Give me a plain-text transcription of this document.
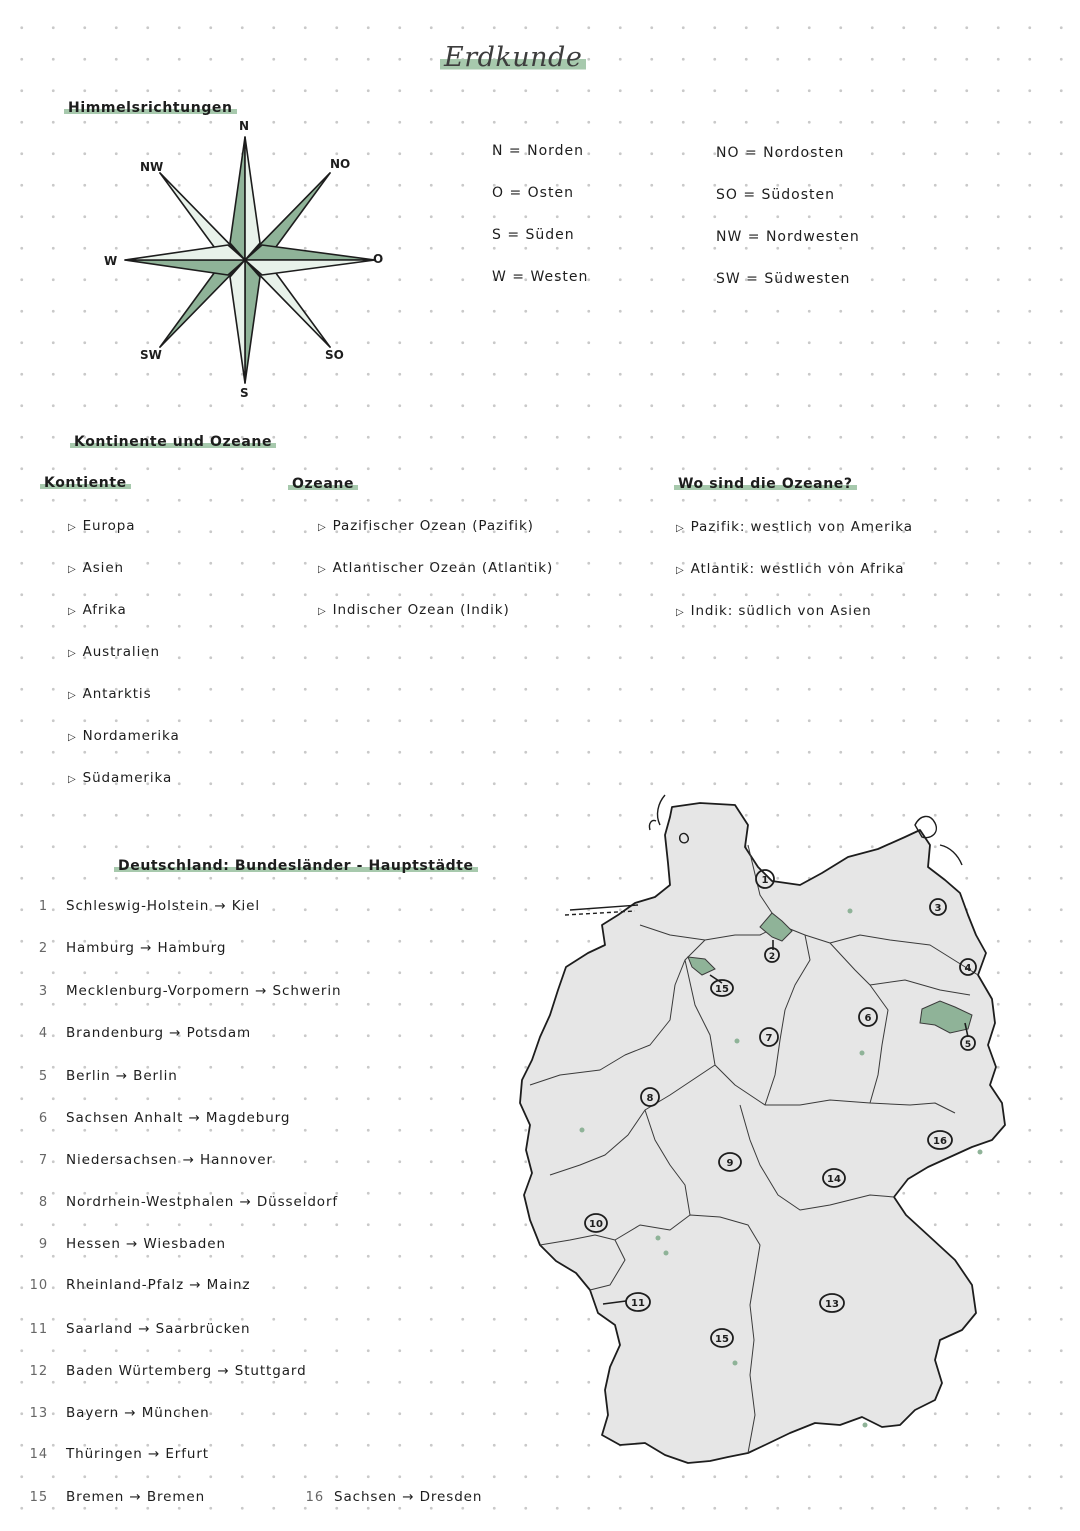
Erdkunde
Himmelsrichtungen
N
NO
O
SO
S
SW
W
NW
N = Norden
O = Osten
S = Süden
W = Westen
NO = Nordosten
SO = Südosten
NW = Nordwesten
SW = Südwesten
Kontinente und Ozeane
Kontiente	Ozeane	Wo sind die Ozeane?
▷ Europa
▷ Asien
▷ Afrika
▷ Australien
▷ Antarktis
▷ Nordamerika
▷ Südamerika
▷ Pazifischer Ozean (Pazifik)
▷ Atlantischer Ozean (Atlantik)
▷ Indischer Ozean (Indik)
▷ Pazifik: westlich von Amerika
▷ Atlantik: westlich von Afrika
▷ Indik: südlich von Asien
Deutschland: Bundesländer - Hauptstädte
1 Schleswig-Holstein → Kiel
2 Hamburg → Hamburg
3 Mecklenburg-Vorpomern → Schwerin
4 Brandenburg → Potsdam
5 Berlin → Berlin
6 Sachsen Anhalt → Magdeburg
7 Niedersachsen → Hannover
8 Nordrhein-Westphalen → Düsseldorf
9 Hessen → Wiesbaden
10 Rheinland-Pfalz → Mainz
11 Saarland → Saarbrücken
12 Baden Würtemberg → Stuttgard
13 Bayern → München
14 Thüringen → Erfurt
15 Bremen → Bremen	16 Sachsen → Dresden
1
2
3
4
5
6
7
8
9
10
11
15
13
14
16
15
